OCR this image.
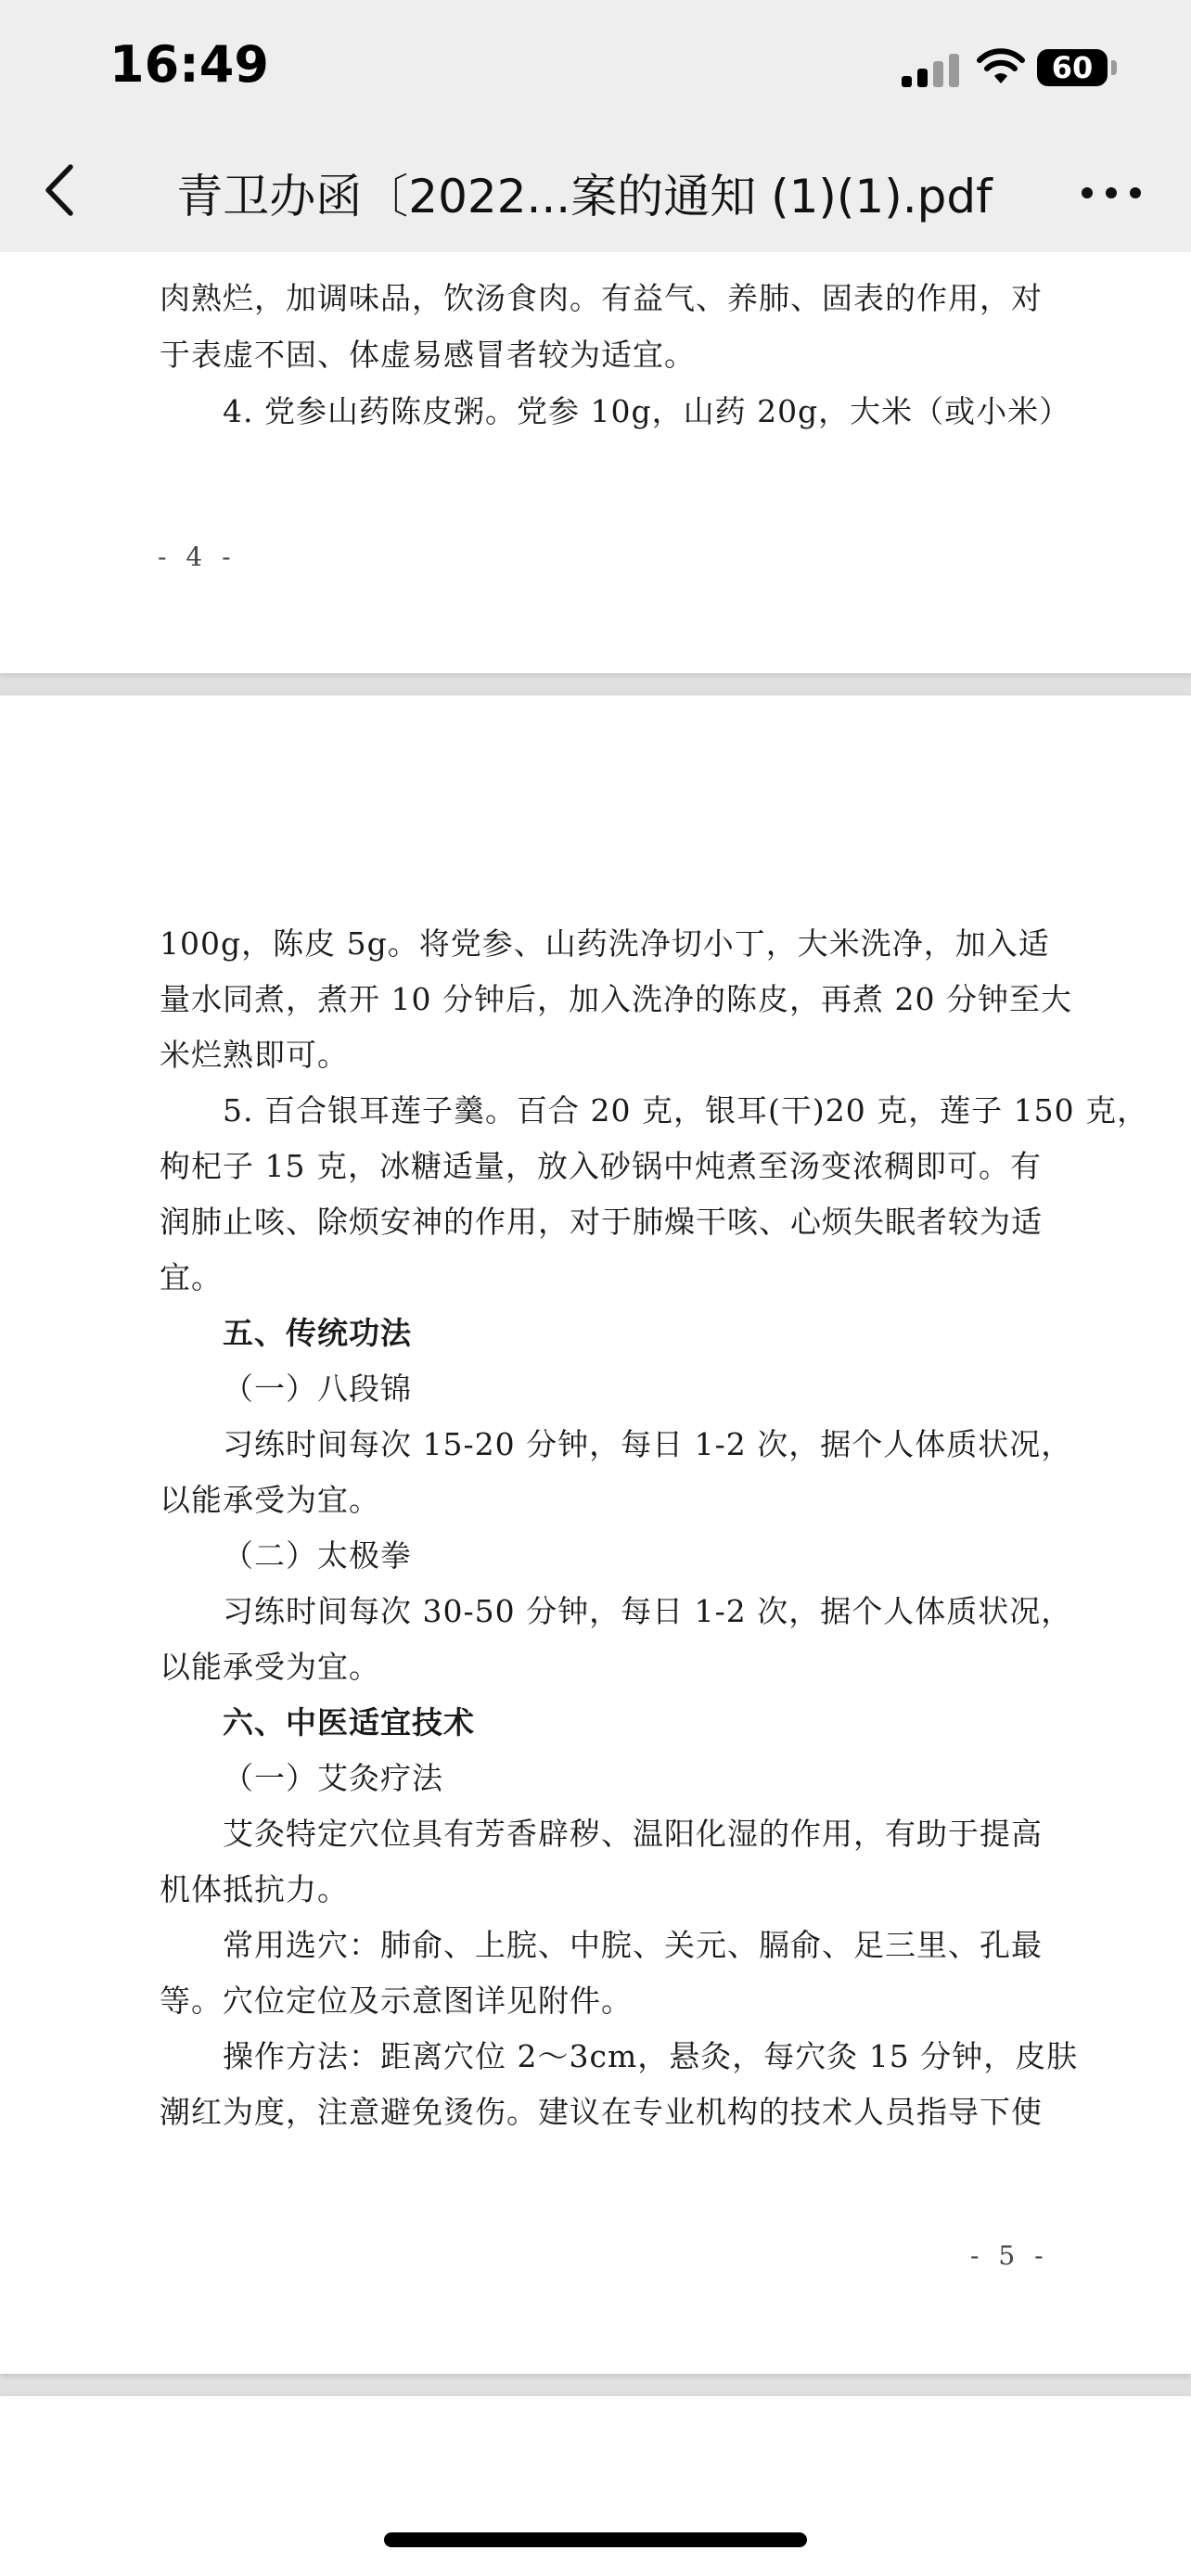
肉熟烂，加调味品，饮汤食肉。有益气、养肺、固表的作用，对
于表虚不固、体虚易感冒者较为适宜。
4. 党参山药陈皮粥。党参 10g，山药 20g，大米（或小米）
- 4 -
100g，陈皮 5g。将党参、山药洗净切小丁，大米洗净，加入适
量水同煮，煮开 10 分钟后，加入洗净的陈皮，再煮 20 分钟至大
米烂熟即可。
5. 百合银耳莲子羹。百合 20 克，银耳(干)20 克，莲子 150 克，
枸杞子 15 克，冰糖适量，放入砂锅中炖煮至汤变浓稠即可。有
润肺止咳、除烦安神的作用，对于肺燥干咳、心烦失眠者较为适
宜。
五、传统功法
（一）八段锦
习练时间每次 15-20 分钟，每日 1-2 次，据个人体质状况，
以能承受为宜。
（二）太极拳
习练时间每次 30-50 分钟，每日 1-2 次，据个人体质状况，
以能承受为宜。
六、中医适宜技术
（一）艾灸疗法
艾灸特定穴位具有芳香辟秽、温阳化湿的作用，有助于提高
机体抵抗力。
常用选穴：肺俞、上脘、中脘、关元、膈俞、足三里、孔最
等。穴位定位及示意图详见附件。
操作方法：距离穴位 2～3cm，悬灸，每穴灸 15 分钟，皮肤
潮红为度，注意避免烫伤。建议在专业机构的技术人员指导下使
- 5 -
16:49	60
青卫办函〔2022...案的通知 (1)(1).pdf
